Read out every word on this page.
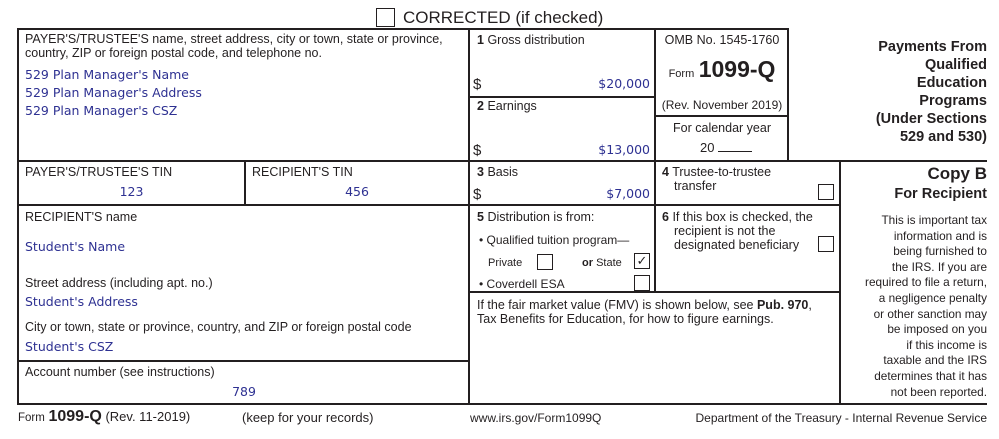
CORRECTED (if checked)
PAYER'S/TRUSTEE'S name, street address, city or town, state or province, country, ZIP or foreign postal code, and telephone no.
529 Plan Manager's Name
529 Plan Manager's Address
529 Plan Manager's CSZ
1 Gross distribution
$	$20,000
2 Earnings
$	$13,000
OMB No. 1545-1760
Form 1099-Q
(Rev. November 2019)
For calendar year
20
Payments From
Qualified
Education
Programs
(Under Sections
529 and 530)
PAYER'S/TRUSTEE'S TIN
123
RECIPIENT'S TIN
456
3 Basis
$	$7,000
4 Trustee-to-trustee
transfer
Copy B
For Recipient
This is important tax
information and is
being furnished to
the IRS. If you are
required to file a return,
a negligence penalty
or other sanction may
be imposed on you
if this income is
taxable and the IRS
determines that it has
not been reported.
RECIPIENT'S name
Student's Name
Street address (including apt. no.)
Student's Address
City or town, state or province, country, and ZIP or foreign postal code
Student's CSZ
Account number (see instructions)
789
5 Distribution is from:
• Qualified tuition program—
Private	or State ✓
• Coverdell ESA
6 If this box is checked, the
recipient is not the
designated beneficiary
If the fair market value (FMV) is shown below, see Pub. 970,
Tax Benefits for Education, for how to figure earnings.
Form 1099-Q (Rev. 11-2019)	(keep for your records)	www.irs.gov/Form1099Q	Department of the Treasury - Internal Revenue Service
